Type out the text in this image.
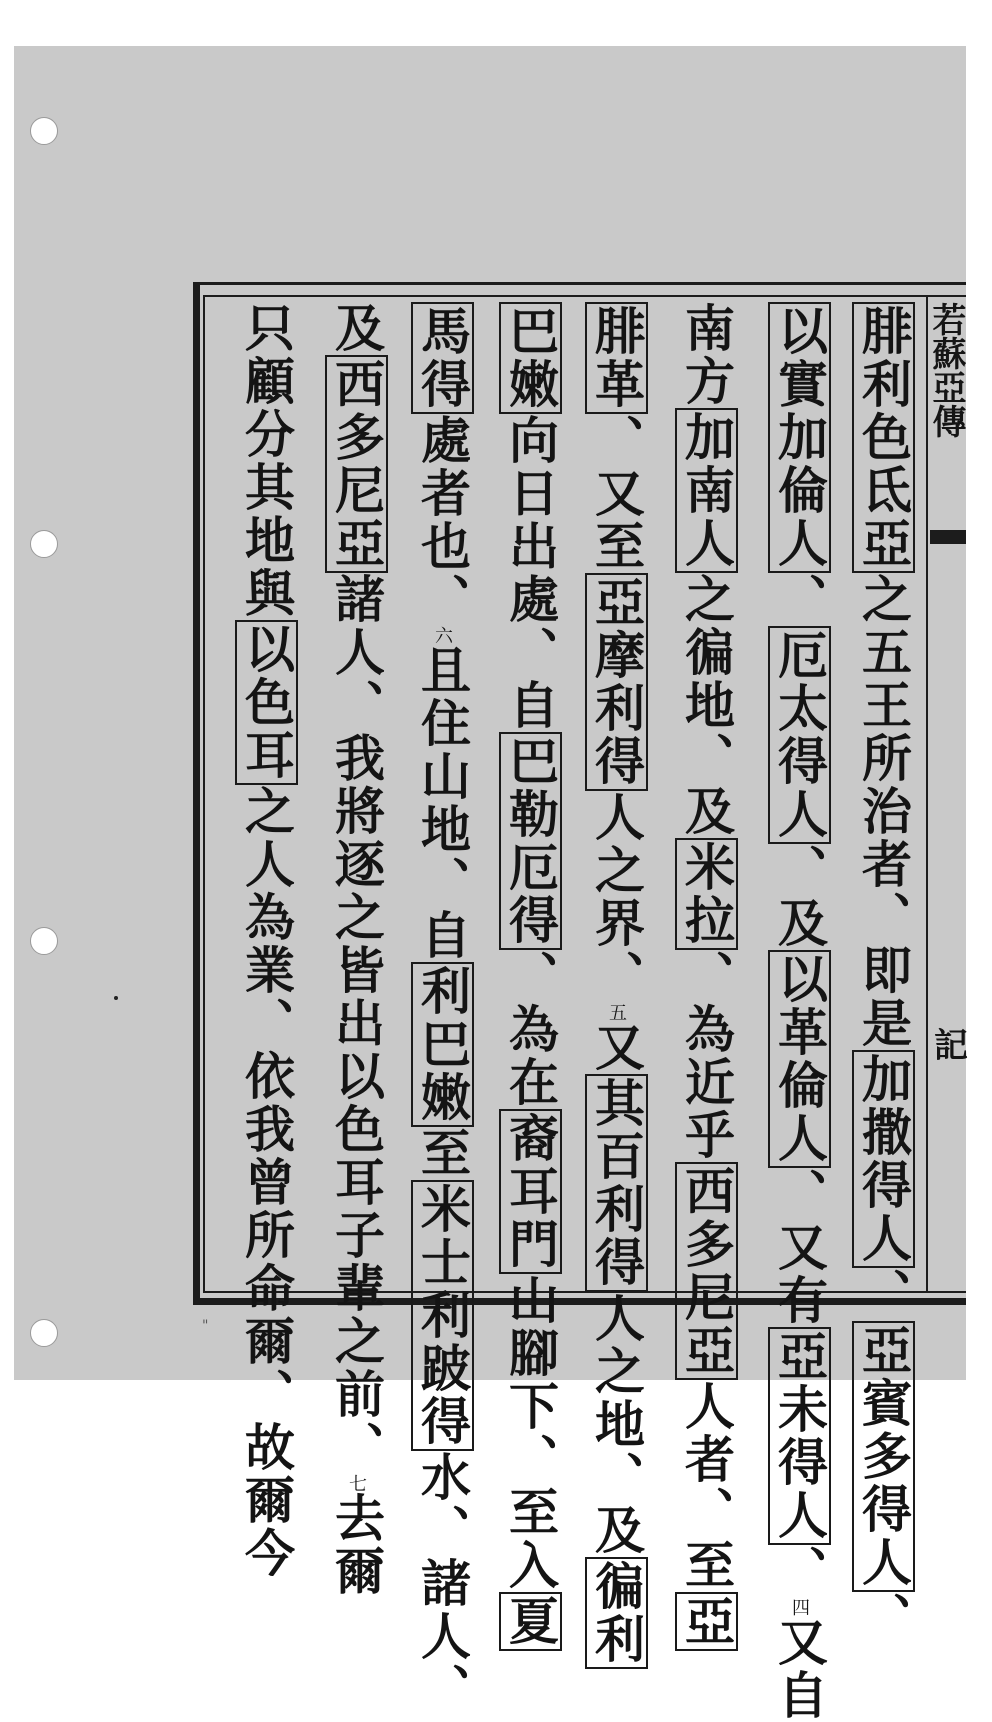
若蘇亞傳
記
腓利色氐亞之五王所治者、即是加撒得人、亞賓多得人、
以實加倫人、厄太得人、及以革倫人、又有亞未得人、四又自
南方加南人之徧地、及米拉、為近乎西多尼亞人者、至亞
腓革、又至亞摩利得人之界、五又其百利得人之地、及徧利
巴嫩向日出處、自巴勒厄得、為在裔耳門山腳下、至入夏
馬得處者也、六且住山地、自利巴嫩至米士利跛得水、諸人、
及西多尼亞諸人、我將逐之皆出以色耳子輩之前、七去爾
只顧分其地與以色耳之人為業、依我曾所命爾、故爾今
"
